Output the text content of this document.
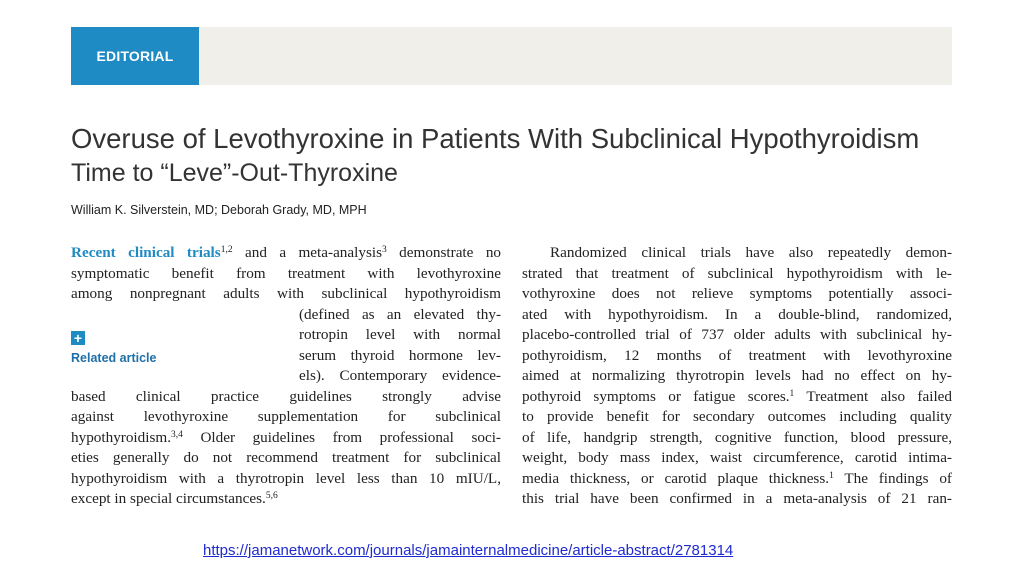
EDITORIAL
Overuse of Levothyroxine in Patients With Subclinical Hypothyroidism
Time to “Leve”-Out-Thyroxine
William K. Silverstein, MD; Deborah Grady, MD, MPH
Recent clinical trials$^{1,2}$ and a meta-analysis$^3$ demonstrate no
symptomatic benefit from treatment with levothyroxine
among nonpregnant adults with subclinical hypothyroidism
(defined as an elevated thy-
rotropin level with normal
serum thyroid hormone lev-
els). Contemporary evidence-
based clinical practice guidelines strongly advise
against levothyroxine supplementation for subclinical
hypothyroidism.$^{3,4}$ Older guidelines from professional soci-
eties generally do not recommend treatment for subclinical
hypothyroidism with a thyrotropin level less than 10 mIU/L,
except in special circumstances.$^{5,6}$
+
Related article
Randomized clinical trials have also repeatedly demon-
strated that treatment of subclinical hypothyroidism with le-
vothyroxine does not relieve symptoms potentially associ-
ated with hypothyroidism. In a double-blind, randomized,
placebo-controlled trial of 737 older adults with subclinical hy-
pothyroidism, 12 months of treatment with levothyroxine
aimed at normalizing thyrotropin levels had no effect on hy-
pothyroid symptoms or fatigue scores.$^1$ Treatment also failed
to provide benefit for secondary outcomes including quality
of life, handgrip strength, cognitive function, blood pressure,
weight, body mass index, waist circumference, carotid intima-
media thickness, or carotid plaque thickness.$^1$ The findings of
this trial have been confirmed in a meta-analysis of 21 ran-
https://jamanetwork.com/journals/jamainternalmedicine/article-abstract/2781314
